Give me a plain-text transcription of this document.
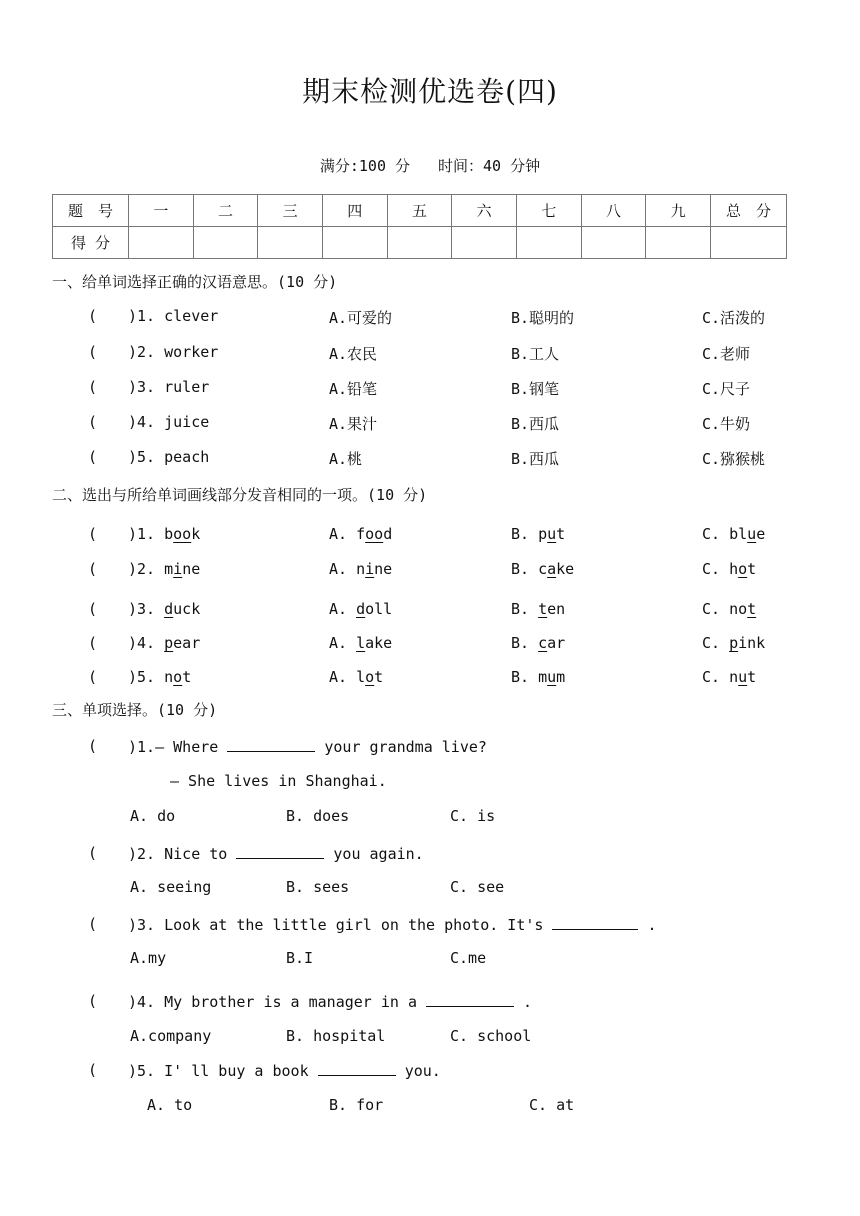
期末检测优选卷(四)
满分:100 分 时间：40 分钟
题　号	一	二	三	四	五	六	七	八	九	总　分
得 分										
一、给单词选择正确的汉语意思。(10 分)
( )1. clever	A.可爱的	B.聪明的	C.活泼的
( )2. worker	A.农民	B.工人	C.老师
( )3. ruler	A.铅笔	B.钢笔	C.尺子
( )4. juice	A.果汁	B.西瓜	C.牛奶
( )5. peach	A.桃	B.西瓜	C.猕猴桃
二、选出与所给单词画线部分发音相同的一项。(10 分)
( )1. book	A. food	B. put	C. blue
( )2. mine	A. nine	B. cake	C. hot
( )3. duck	A. doll	B. ten	C. not
( )4. pear	A. lake	B. car	C. pink
( )5. not	A. lot	B. mum	C. nut
三、单项选择。(10 分)
( )1.— Where	your grandma live?
— She lives in Shanghai.
A. do	B. does	C. is
( )2. Nice to	you again.
A. seeing	B. sees	C. see
( )3. Look at the little girl on the photo. It's	.
A.my	B.I	C.me
( )4. My brother is a manager in a	.
A.company	B. hospital	C. school
( )5. I' ll buy a book	you.
A. to	B. for	C. at
